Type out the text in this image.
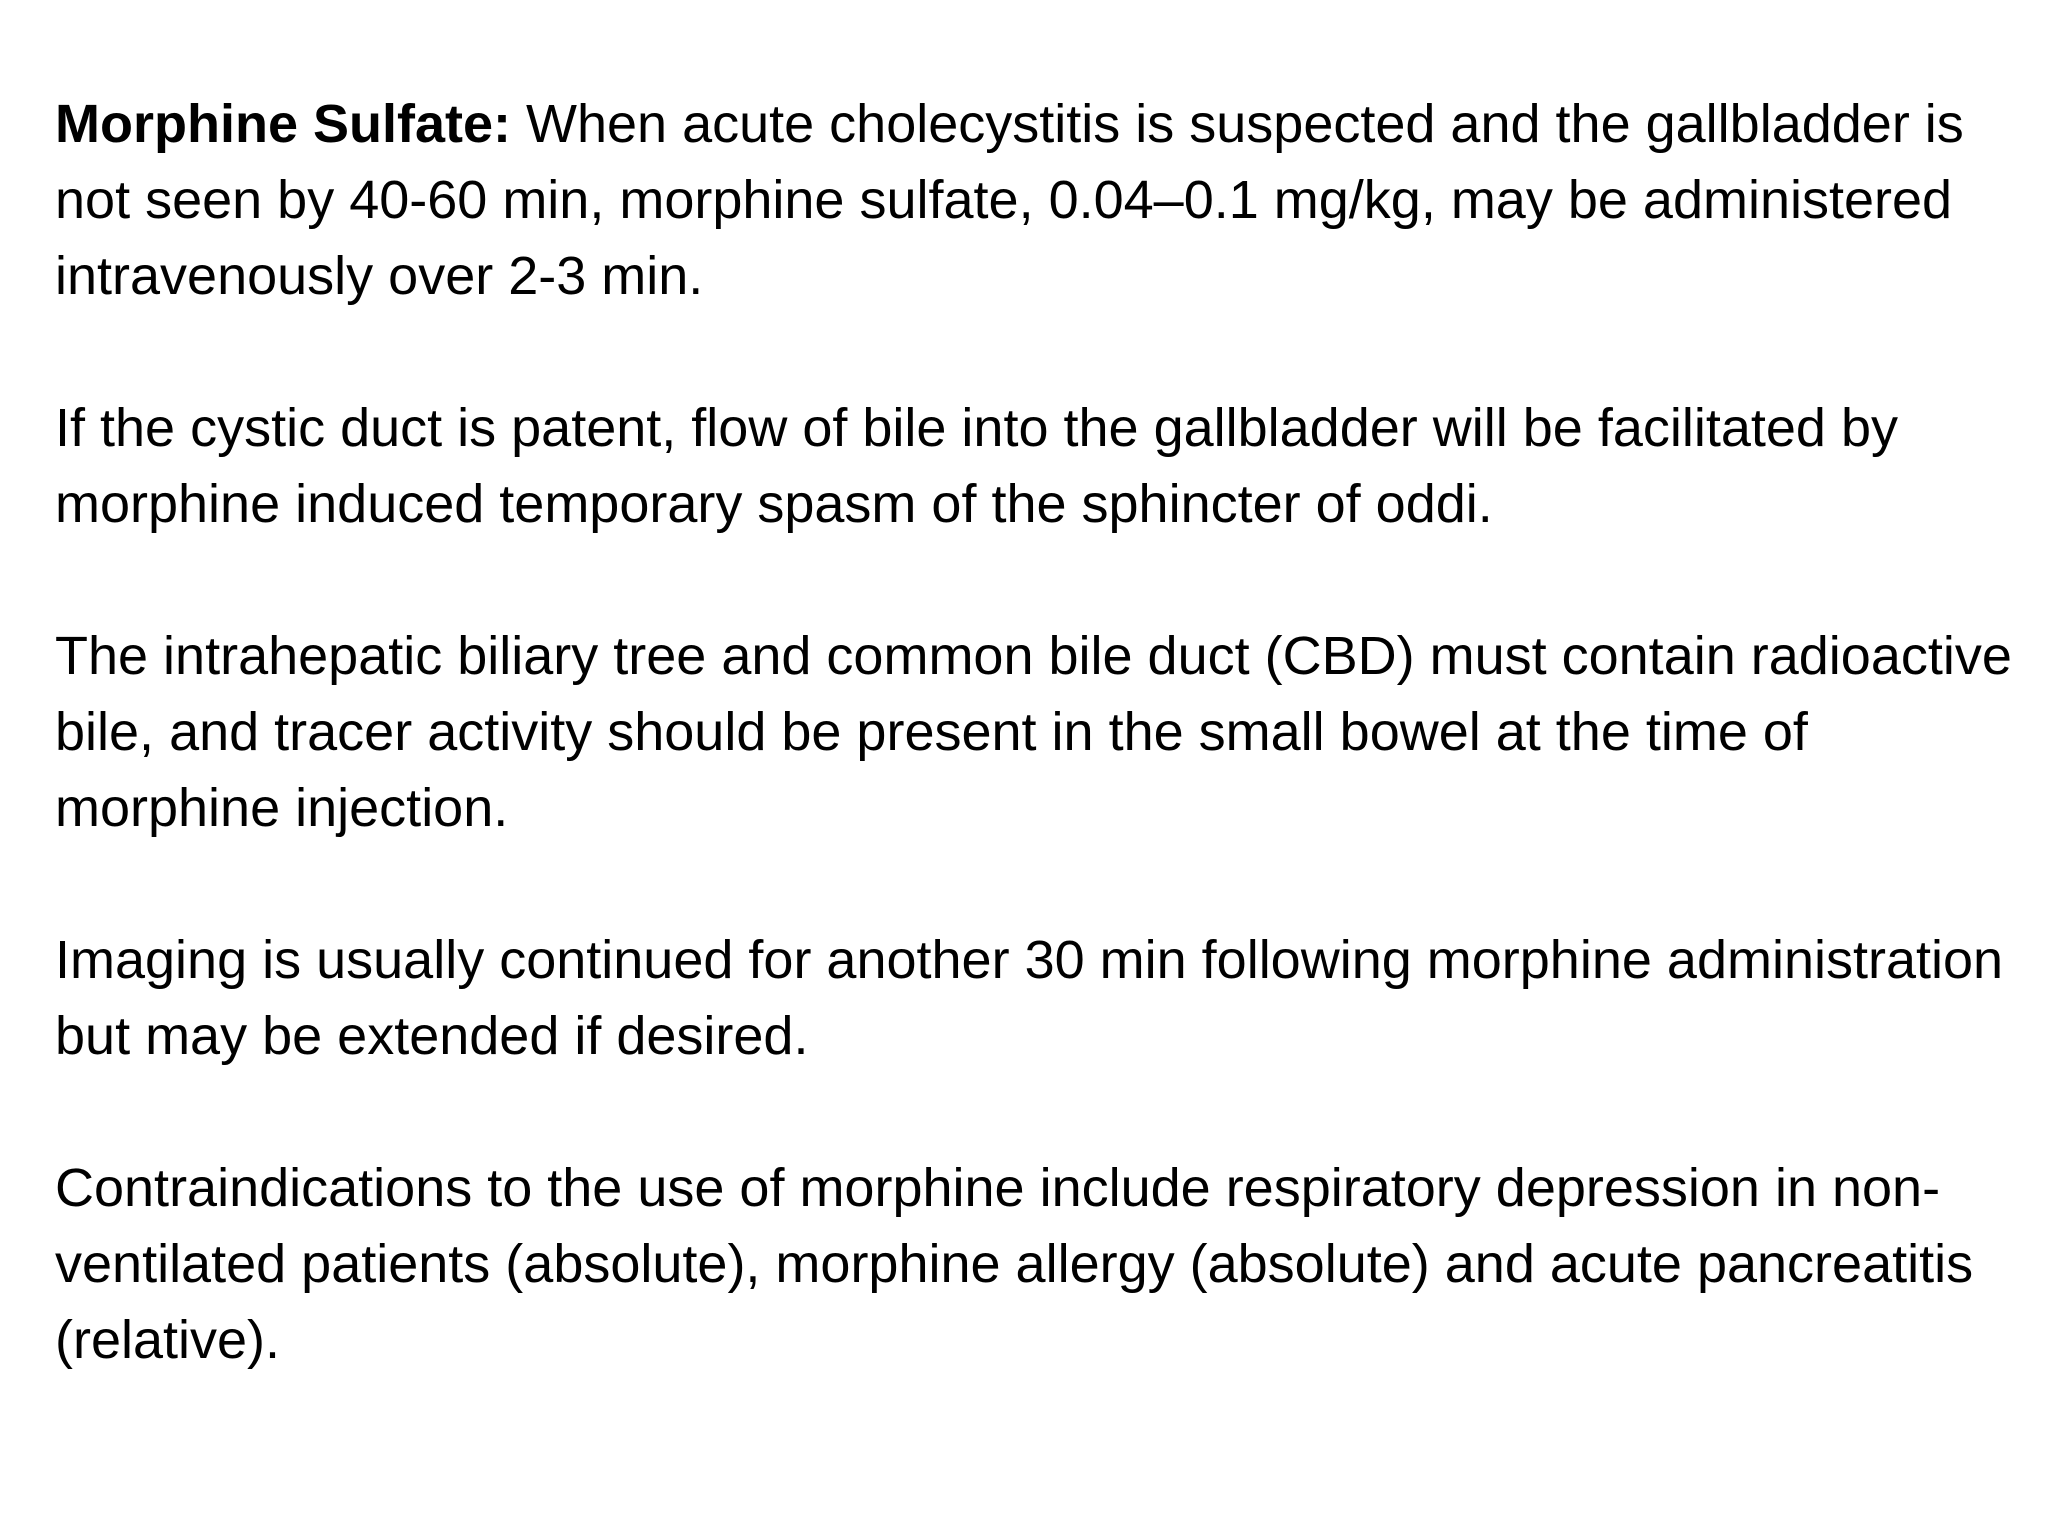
Morphine Sulfate: When acute cholecystitis is suspected and the gallbladder is not seen by 40-60 min, morphine sulfate, 0.04–0.1 mg/kg, may be administered intravenously over 2-3 min.

If the cystic duct is patent, flow of bile into the gallbladder will be facilitated by morphine induced temporary spasm of the sphincter of oddi.

The intrahepatic biliary tree and common bile duct (CBD) must contain radioactive bile, and tracer activity should be present in the small bowel at the time of morphine injection.

Imaging is usually continued for another 30 min following morphine administration but may be extended if desired.

Contraindications to the use of morphine include respiratory depression in non-ventilated patients (absolute), morphine allergy (absolute) and acute pancreatitis (relative).
